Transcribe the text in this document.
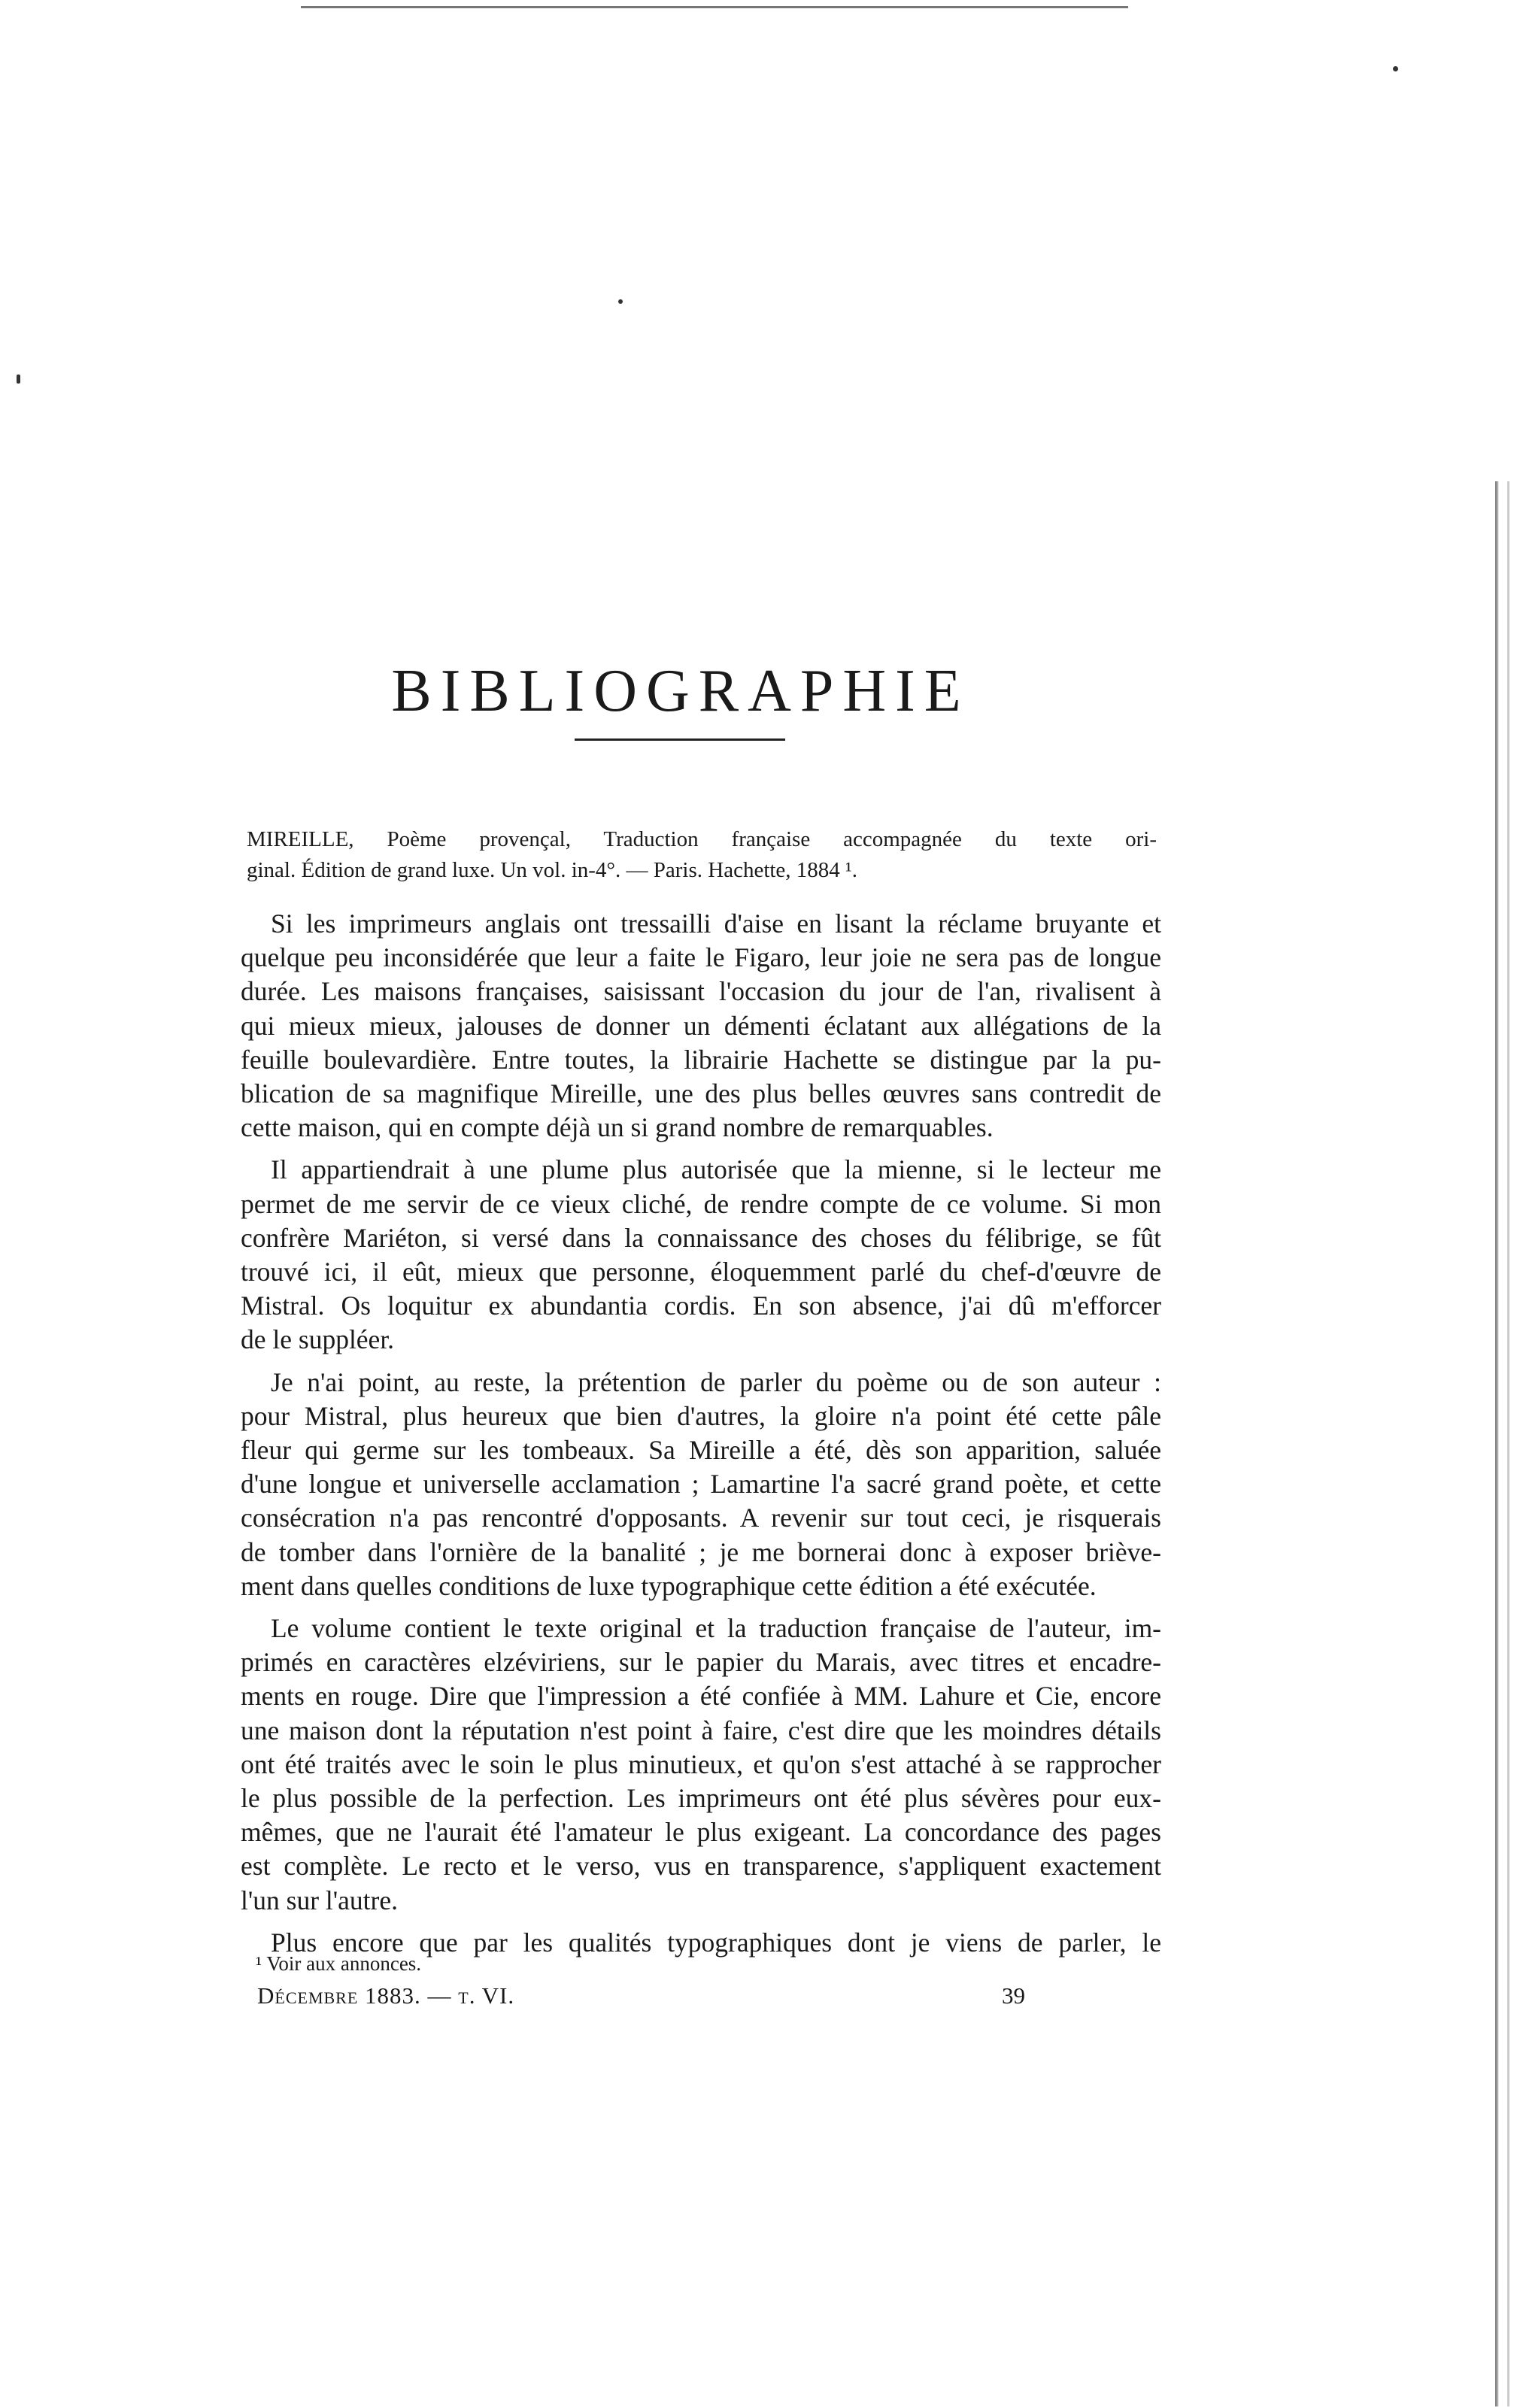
BIBLIOGRAPHIE
MIREILLE, Poème provençal, Traduction française accompagnée du texte ori-
ginal. Édition de grand luxe. Un vol. in-4°. — Paris. Hachette, 1884 ¹.

Si les imprimeurs anglais ont tressailli d'aise en lisant la réclame bruyante et
quelque peu inconsidérée que leur a faite le Figaro, leur joie ne sera pas de longue
durée. Les maisons françaises, saisissant l'occasion du jour de l'an, rivalisent à
qui mieux mieux, jalouses de donner un démenti éclatant aux allégations de la
feuille boulevardière. Entre toutes, la librairie Hachette se distingue par la pu-
blication de sa magnifique Mireille, une des plus belles œuvres sans contredit de
cette maison, qui en compte déjà un si grand nombre de remarquables.

Il appartiendrait à une plume plus autorisée que la mienne, si le lecteur me
permet de me servir de ce vieux cliché, de rendre compte de ce volume. Si mon
confrère Mariéton, si versé dans la connaissance des choses du félibrige, se fût
trouvé ici, il eût, mieux que personne, éloquemment parlé du chef-d'œuvre de
Mistral. Os loquitur ex abundantia cordis. En son absence, j'ai dû m'efforcer
de le suppléer.

Je n'ai point, au reste, la prétention de parler du poème ou de son auteur :
pour Mistral, plus heureux que bien d'autres, la gloire n'a point été cette pâle
fleur qui germe sur les tombeaux. Sa Mireille a été, dès son apparition, saluée
d'une longue et universelle acclamation ; Lamartine l'a sacré grand poète, et cette
consécration n'a pas rencontré d'opposants. A revenir sur tout ceci, je risquerais
de tomber dans l'ornière de la banalité ; je me bornerai donc à exposer briève-
ment dans quelles conditions de luxe typographique cette édition a été exécutée.

Le volume contient le texte original et la traduction française de l'auteur, im-
primés en caractères elzéviriens, sur le papier du Marais, avec titres et encadre-
ments en rouge. Dire que l'impression a été confiée à MM. Lahure et Cie, encore
une maison dont la réputation n'est point à faire, c'est dire que les moindres détails
ont été traités avec le soin le plus minutieux, et qu'on s'est attaché à se rapprocher
le plus possible de la perfection. Les imprimeurs ont été plus sévères pour eux-
mêmes, que ne l'aurait été l'amateur le plus exigeant. La concordance des pages
est complète. Le recto et le verso, vus en transparence, s'appliquent exactement
l'un sur l'autre.

Plus encore que par les qualités typographiques dont je viens de parler, le

¹ Voir aux annonces.
Décembre 1883. — t. VI.	39
